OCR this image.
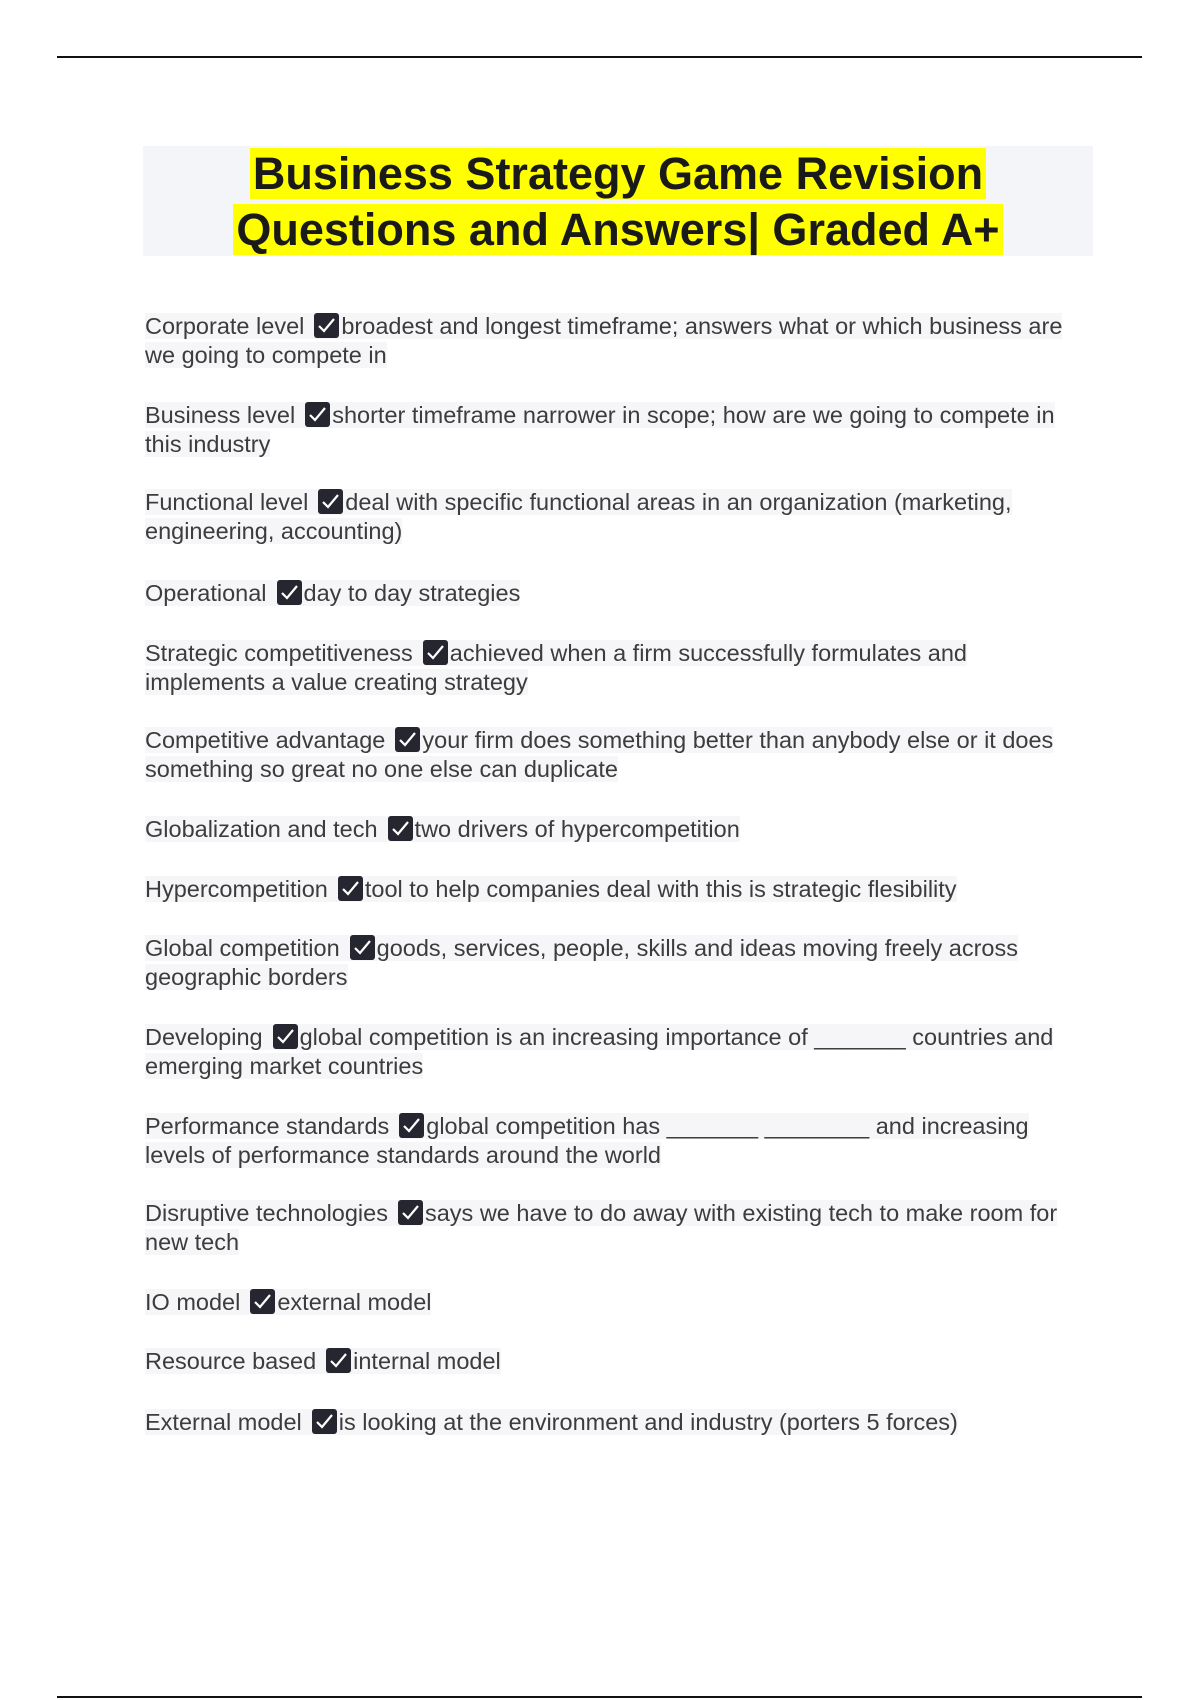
Business Strategy Game Revision
Questions and Answers| Graded A+

Corporate level broadest and longest timeframe; answers what or which business are we going to compete in

Business level shorter timeframe narrower in scope; how are we going to compete in this industry

Functional level deal with specific functional areas in an organization (marketing, engineering, accounting)

Operational day to day strategies

Strategic competitiveness achieved when a firm successfully formulates and implements a value creating strategy

Competitive advantage your firm does something better than anybody else or it does something so great no one else can duplicate

Globalization and tech two drivers of hypercompetition

Hypercompetition tool to help companies deal with this is strategic flesibility

Global competition goods, services, people, skills and ideas moving freely across geographic borders

Developing global competition is an increasing importance of _______ countries and emerging market countries

Performance standards global competition has _______ ________ and increasing levels of performance standards around the world

Disruptive technologies says we have to do away with existing tech to make room for new tech

IO model external model

Resource based internal model

External model is looking at the environment and industry (porters 5 forces)
